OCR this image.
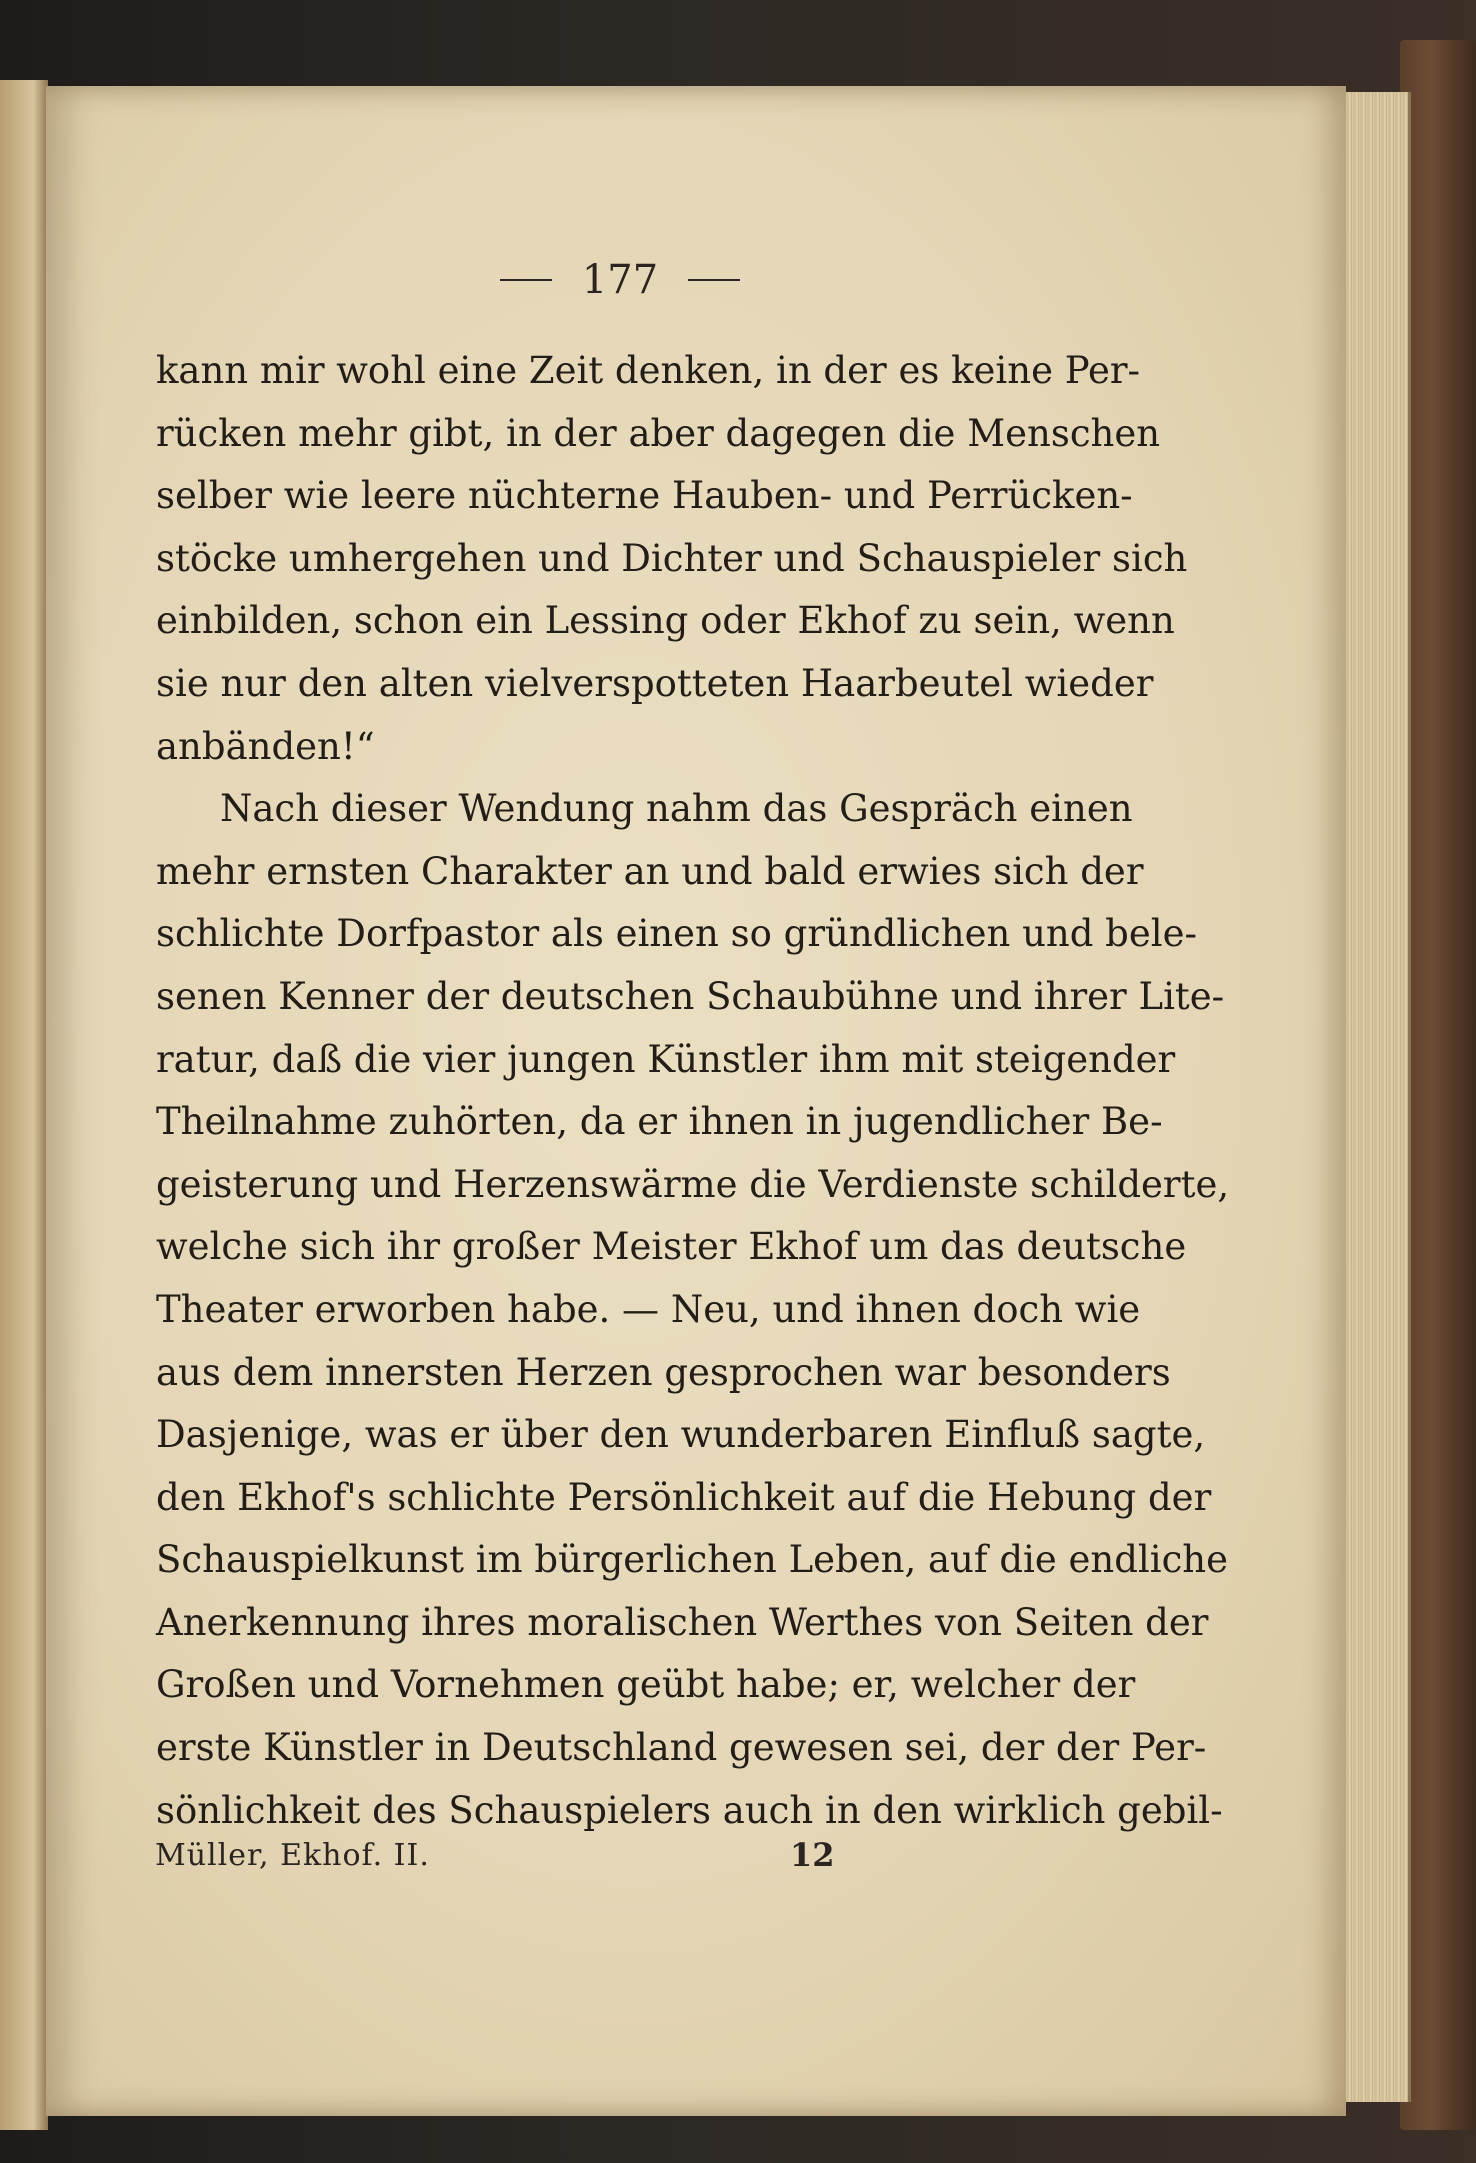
177
kann mir wohl eine Zeit denken, in der es keine Per-
rücken mehr gibt, in der aber dagegen die Menschen
selber wie leere nüchterne Hauben- und Perrücken-
stöcke umhergehen und Dichter und Schauspieler sich
einbilden, schon ein Lessing oder Ekhof zu sein, wenn
sie nur den alten vielverspotteten Haarbeutel wieder
anbänden!“
Nach dieser Wendung nahm das Gespräch einen
mehr ernsten Charakter an und bald erwies sich der
schlichte Dorfpastor als einen so gründlichen und bele-
senen Kenner der deutschen Schaubühne und ihrer Lite-
ratur, daß die vier jungen Künstler ihm mit steigender
Theilnahme zuhörten, da er ihnen in jugendlicher Be-
geisterung und Herzenswärme die Verdienste schilderte,
welche sich ihr großer Meister Ekhof um das deutsche
Theater erworben habe. — Neu, und ihnen doch wie
aus dem innersten Herzen gesprochen war besonders
Dasjenige, was er über den wunderbaren Einfluß sagte,
den Ekhof's schlichte Persönlichkeit auf die Hebung der
Schauspielkunst im bürgerlichen Leben, auf die endliche
Anerkennung ihres moralischen Werthes von Seiten der
Großen und Vornehmen geübt habe; er, welcher der
erste Künstler in Deutschland gewesen sei, der der Per-
sönlichkeit des Schauspielers auch in den wirklich gebil-
Müller, Ekhof. II.	12
